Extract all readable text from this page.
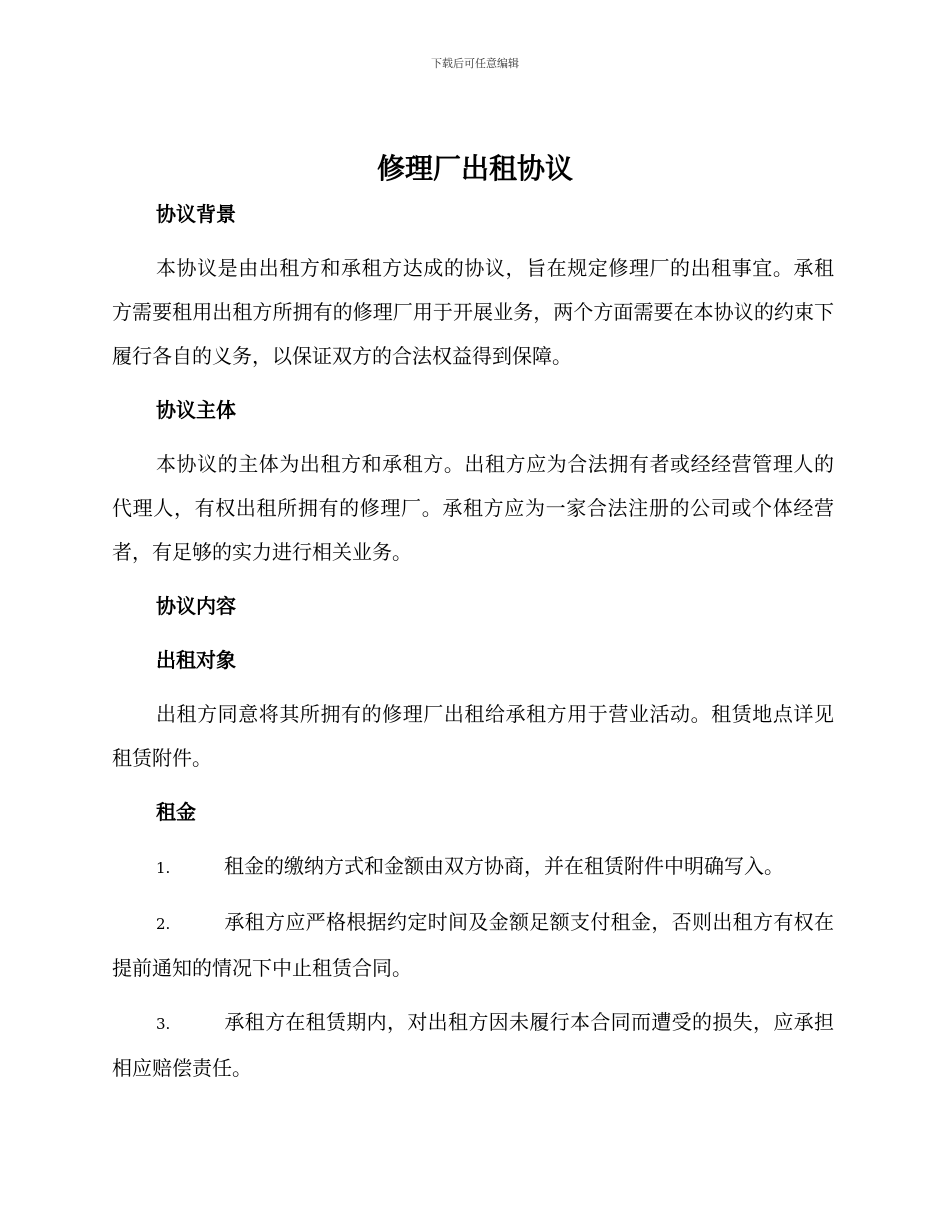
下载后可任意编辑
修理厂出租协议
协议背景
本协议是由出租方和承租方达成的协议，旨在规定修理厂的出租事宜。承租方需要租用出租方所拥有的修理厂用于开展业务，两个方面需要在本协议的约束下履行各自的义务，以保证双方的合法权益得到保障。
协议主体
本协议的主体为出租方和承租方。出租方应为合法拥有者或经经营管理人的代理人，有权出租所拥有的修理厂。承租方应为一家合法注册的公司或个体经营者，有足够的实力进行相关业务。
协议内容
出租对象
出租方同意将其所拥有的修理厂出租给承租方用于营业活动。租赁地点详见租赁附件。
租金
1.	租金的缴纳方式和金额由双方协商，并在租赁附件中明确写入。
2.	承租方应严格根据约定时间及金额足额支付租金，否则出租方有权在提前通知的情况下中止租赁合同。
3.	承租方在租赁期内，对出租方因未履行本合同而遭受的损失，应承担相应赔偿责任。
